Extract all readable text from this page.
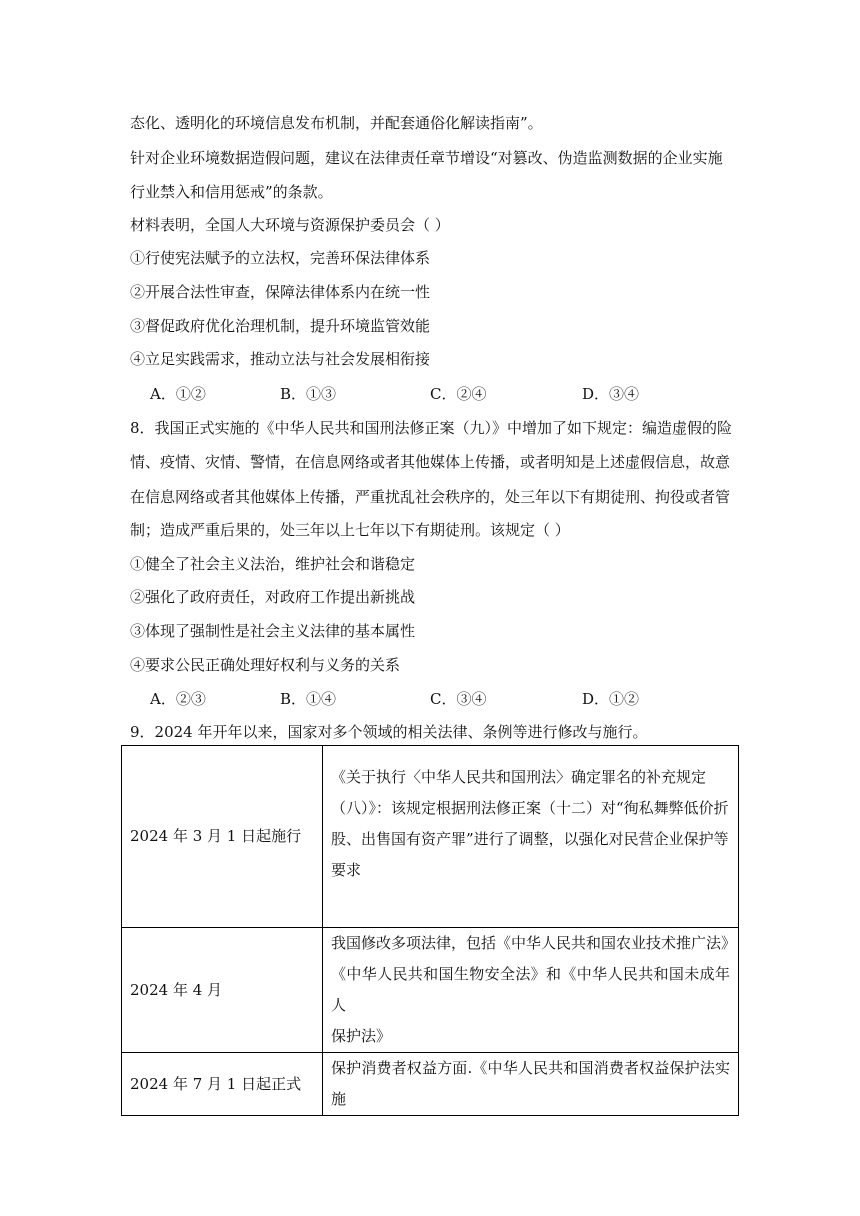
态化、透明化的环境信息发布机制，并配套通俗化解读指南”。
针对企业环境数据造假问题，建议在法律责任章节增设“对篡改、伪造监测数据的企业实施
行业禁入和信用惩戒”的条款。
材料表明，全国人大环境与资源保护委员会（ ）
①行使宪法赋予的立法权，完善环保法律体系
②开展合法性审查，保障法律体系内在统一性
③督促政府优化治理机制，提升环境监管效能
④立足实践需求，推动立法与社会发展相衔接
A．①②	B．①③	C．②④	D．③④
8．我国正式实施的《中华人民共和国刑法修正案（九）》中增加了如下规定：编造虚假的险
情、疫情、灾情、警情，在信息网络或者其他媒体上传播，或者明知是上述虚假信息，故意
在信息网络或者其他媒体上传播，严重扰乱社会秩序的，处三年以下有期徒刑、拘役或者管
制；造成严重后果的，处三年以上七年以下有期徒刑。该规定（ ）
①健全了社会主义法治，维护社会和谐稳定
②强化了政府责任，对政府工作提出新挑战
③体现了强制性是社会主义法律的基本属性
④要求公民正确处理好权利与义务的关系
A．②③	B．①④	C．③④	D．①②
9．2024 年开年以来，国家对多个领域的相关法律、条例等进行修改与施行。
2024 年 3 月 1 日起施行	《关于执行〈中华人民共和国刑法〉确定罪名的补充规定
（八）》：该规定根据刑法修正案（十二）对“徇私舞弊低价折
股、出售国有资产罪”进行了调整，以强化对民营企业保护等
要求

2024 年 4 月	我国修改多项法律，包括《中华人民共和国农业技术推广法》
《中华人民共和国生物安全法》和《中华人民共和国未成年人
保护法》

2024 年 7 月 1 日起正式	保护消费者权益方面.《中华人民共和国消费者权益保护法实施
